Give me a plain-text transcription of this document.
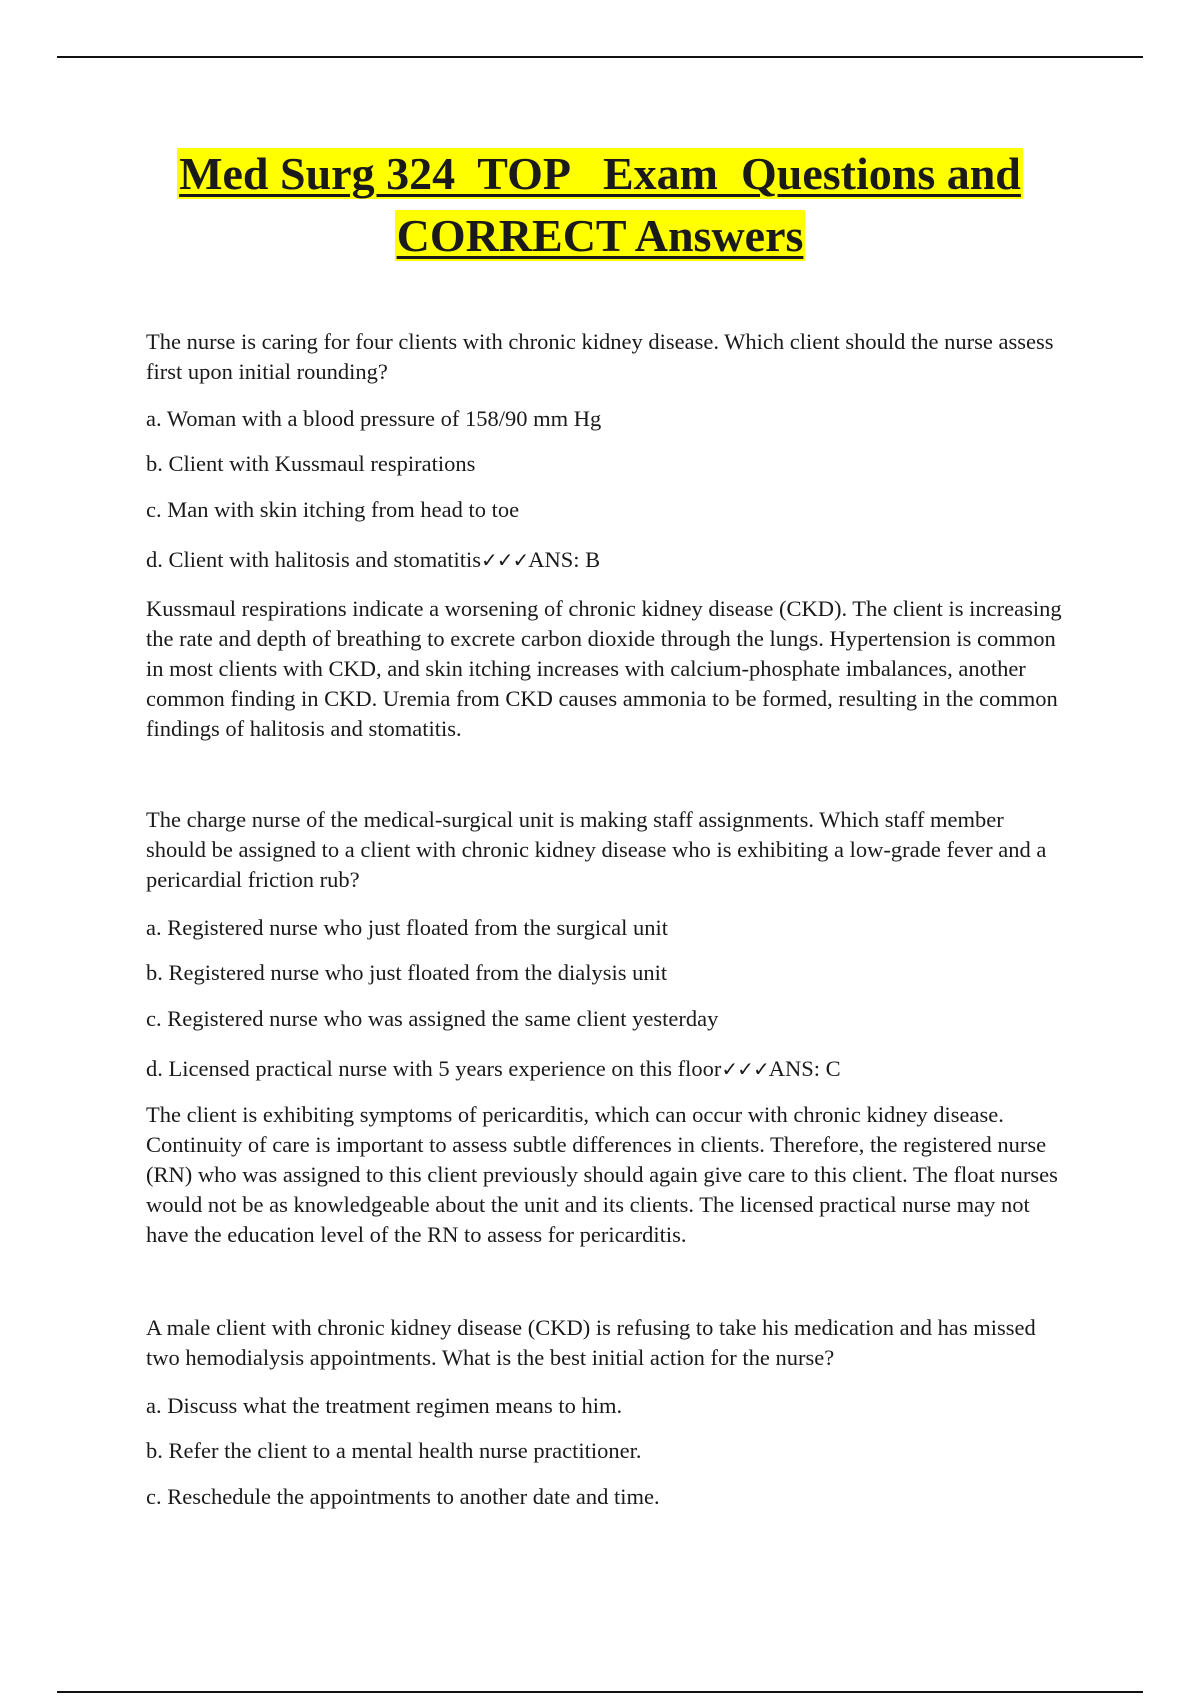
Med Surg 324  TOP   Exam  Questions and
CORRECT Answers

The nurse is caring for four clients with chronic kidney disease. Which client should the nurse assess first upon initial rounding?

a. Woman with a blood pressure of 158/90 mm Hg

b. Client with Kussmaul respirations

c. Man with skin itching from head to toe

d. Client with halitosis and stomatitis✓✓✓ANS: B

Kussmaul respirations indicate a worsening of chronic kidney disease (CKD). The client is increasing the rate and depth of breathing to excrete carbon dioxide through the lungs. Hypertension is common in most clients with CKD, and skin itching increases with calcium-phosphate imbalances, another common finding in CKD. Uremia from CKD causes ammonia to be formed, resulting in the common findings of halitosis and stomatitis.

The charge nurse of the medical-surgical unit is making staff assignments. Which staff member should be assigned to a client with chronic kidney disease who is exhibiting a low-grade fever and a pericardial friction rub?

a. Registered nurse who just floated from the surgical unit

b. Registered nurse who just floated from the dialysis unit

c. Registered nurse who was assigned the same client yesterday

d. Licensed practical nurse with 5 years experience on this floor✓✓✓ANS: C

The client is exhibiting symptoms of pericarditis, which can occur with chronic kidney disease. Continuity of care is important to assess subtle differences in clients. Therefore, the registered nurse (RN) who was assigned to this client previously should again give care to this client. The float nurses would not be as knowledgeable about the unit and its clients. The licensed practical nurse may not have the education level of the RN to assess for pericarditis.

A male client with chronic kidney disease (CKD) is refusing to take his medication and has missed two hemodialysis appointments. What is the best initial action for the nurse?

a. Discuss what the treatment regimen means to him.

b. Refer the client to a mental health nurse practitioner.

c. Reschedule the appointments to another date and time.
